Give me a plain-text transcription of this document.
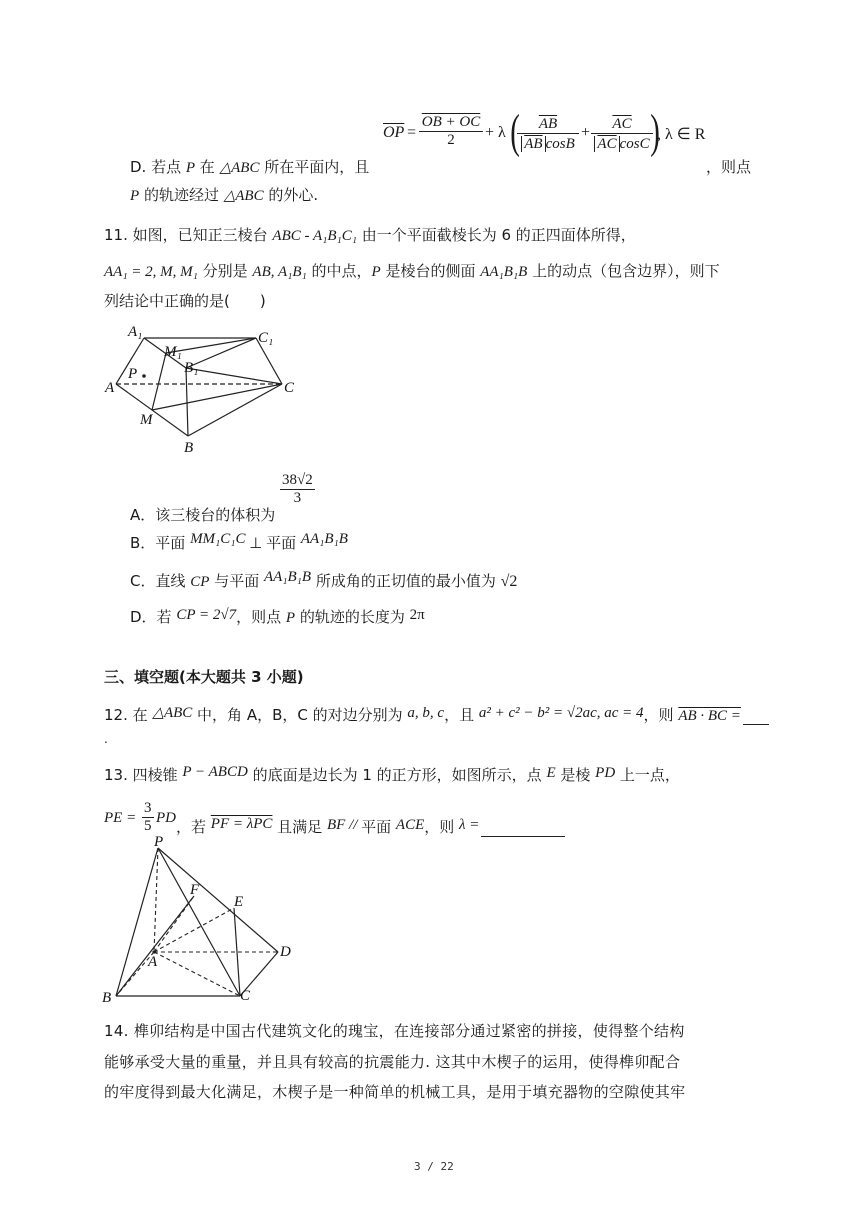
$\overline{OP} = \frac{OB + OC}{2} + \lambda$ (	$\overline{AB}$
$\overline{AB}$ cosB
+	$\overline{AC}$
$\overline{AC}$ cosC )
, λ ∈ R
D. 若点 P 在 △ABC 所在平面内，且	，则点
P 的轨迹经过 △ABC 的外心.
11. 如图，已知正三棱台 ABC - A₁B₁C₁ 由一个平面截棱长为 6 的正四面体所得，
AA₁ = 2, M, M₁ 分别是 AB, A₁B₁ 的中点，P 是棱台的侧面 AA₁B₁B 上的动点（包含边界），则下
列结论中正确的是(　　)
A₁	C₁
M₁
B₁
P
A	C
M
B
A．该三棱台的体积为
$\frac{38√2}{3}$
B．平面 MM₁C₁C ⊥ 平面 AA₁B₁B
C．直线 CP 与平面 AA₁B₁B 所成角的正切值的最小值为 √2
D．若 CP = 2√7，则点 P 的轨迹的长度为 2π
三、填空题(本大题共 3 小题)
12. 在 △ABC 中，角 A，B，C 的对边分别为 a, b, c，且 a² + c² − b² = √2ac, ac = 4，则 AB · BC =
.
13. 四棱锥 P − ABCD 的底面是边长为 1 的正方形，如图所示，点 E 是棱 PD 上一点，
PE = $\frac{3}{5}$ PD ，若 PF = λPC 且满足 BF // 平面 ACE，则 λ =
P
F
E
A
D
B	C
14. 榫卯结构是中国古代建筑文化的瑰宝，在连接部分通过紧密的拼接，使得整个结构
能够承受大量的重量，并且具有较高的抗震能力. 这其中木楔子的运用，使得榫卯配合
的牢度得到最大化满足，木楔子是一种简单的机械工具，是用于填充器物的空隙使其牢
3 / 22
